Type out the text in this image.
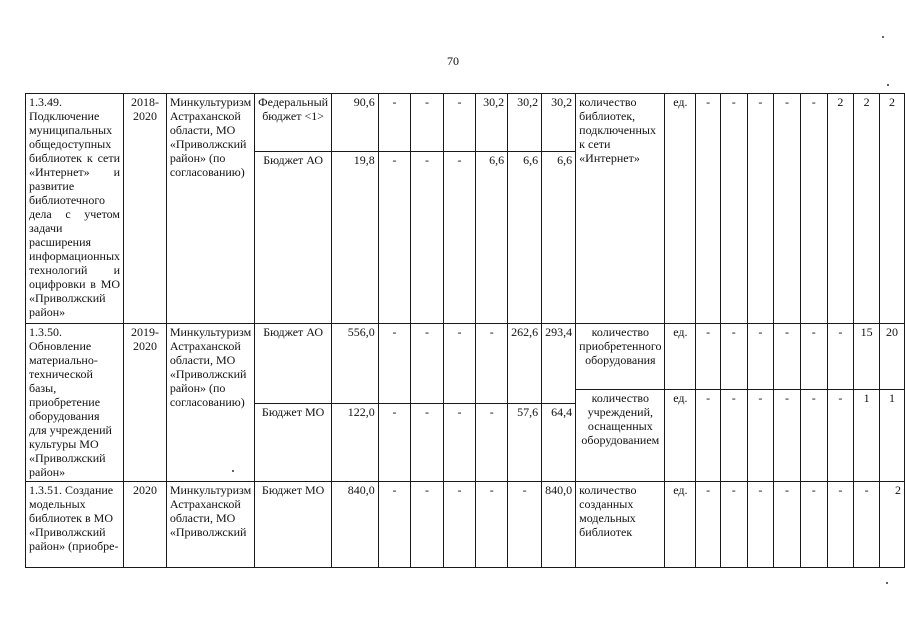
70
1.3.49. Подключение муниципальных общедоступных библиотек к сети «Интернет» и развитие библиотечного дела с учетом задачи расширения информационных технологий и оцифровки в МО «Приволжский район»	2018-2020	Минкультуризм Астраханской области, МО «Приволжский район» (по согласованию)	Федеральный бюджет <1>	90,6	-	-	-	30,2	30,2	30,2	количество библиотек, подключенных к сети «Интернет»	ед.	-	-	-	-	-	2	2	2
			Бюджет АО	19,8	-	-	-	6,6	6,6	6,6										
1.3.50. Обновление материально-технической базы, приобретение оборудования для учреждений культуры МО «Приволжский район»	2019-2020	Минкультуризм Астраханской области, МО «Приволжский район» (по согласованию)	Бюджет АО	556,0	-	-	-	-	262,6	293,4	количество приобретенного оборудования	ед.	-	-	-	-	-	-	15	20
											количество учреждений, оснащенных оборудованием	ед.	-	-	-	-	-	-	1	1
			Бюджет МО	122,0	-	-	-	-	57,6	64,4										
1.3.51. Создание модельных библиотек в МО «Приволжский район» (приобре-	2020	Минкультуризм Астраханской области, МО «Приволжский	Бюджет МО	840,0	-	-	-	-	-	840,0	количество созданных модельных библиотек	ед.	-	-	-	-	-	-	-	2
